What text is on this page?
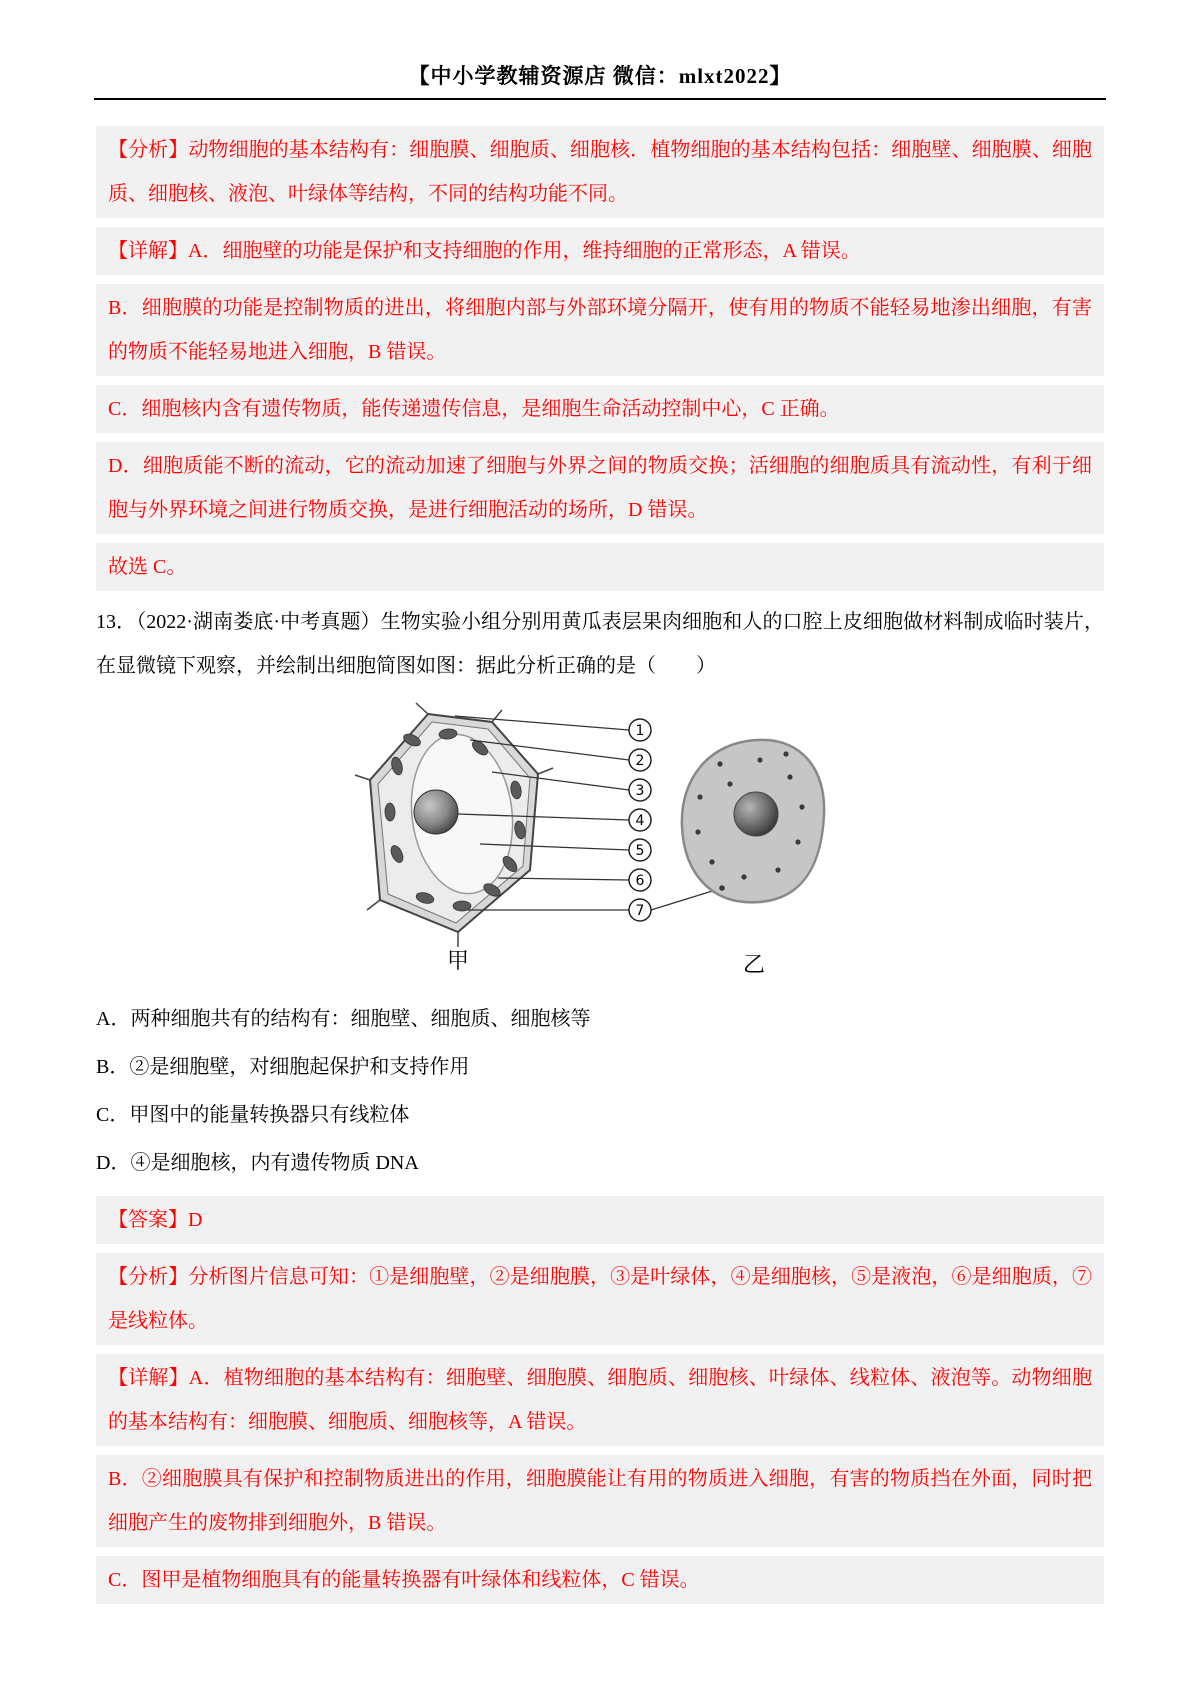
【中小学教辅资源店 微信：mlxt2022】

【分析】动物细胞的基本结构有：细胞膜、细胞质、细胞核．植物细胞的基本结构包括：细胞壁、细胞膜、细胞质、细胞核、液泡、叶绿体等结构，不同的结构功能不同。

【详解】A．细胞壁的功能是保护和支持细胞的作用，维持细胞的正常形态，A 错误。

B．细胞膜的功能是控制物质的进出，将细胞内部与外部环境分隔开，使有用的物质不能轻易地渗出细胞，有害的物质不能轻易地进入细胞，B 错误。

C．细胞核内含有遗传物质，能传递遗传信息，是细胞生命活动控制中心，C 正确。

D．细胞质能不断的流动，它的流动加速了细胞与外界之间的物质交换；活细胞的细胞质具有流动性，有利于细胞与外界环境之间进行物质交换，是进行细胞活动的场所，D 错误。

故选 C。

13．（2022·湖南娄底·中考真题）生物实验小组分别用黄瓜表层果肉细胞和人的口腔上皮细胞做材料制成临时装片，在显微镜下观察，并绘制出细胞简图如图：据此分析正确的是（　　）

1
2
3
4
5
6
7
甲	乙

A．两种细胞共有的结构有：细胞壁、细胞质、细胞核等

B．②是细胞壁，对细胞起保护和支持作用

C．甲图中的能量转换器只有线粒体

D．④是细胞核，内有遗传物质 DNA

【答案】D

【分析】分析图片信息可知：①是细胞壁，②是细胞膜，③是叶绿体，④是细胞核，⑤是液泡，⑥是细胞质，⑦是线粒体。

【详解】A．植物细胞的基本结构有：细胞壁、细胞膜、细胞质、细胞核、叶绿体、线粒体、液泡等。动物细胞的基本结构有：细胞膜、细胞质、细胞核等，A 错误。

B．②细胞膜具有保护和控制物质进出的作用，细胞膜能让有用的物质进入细胞，有害的物质挡在外面，同时把细胞产生的废物排到细胞外，B 错误。

C．图甲是植物细胞具有的能量转换器有叶绿体和线粒体，C 错误。
